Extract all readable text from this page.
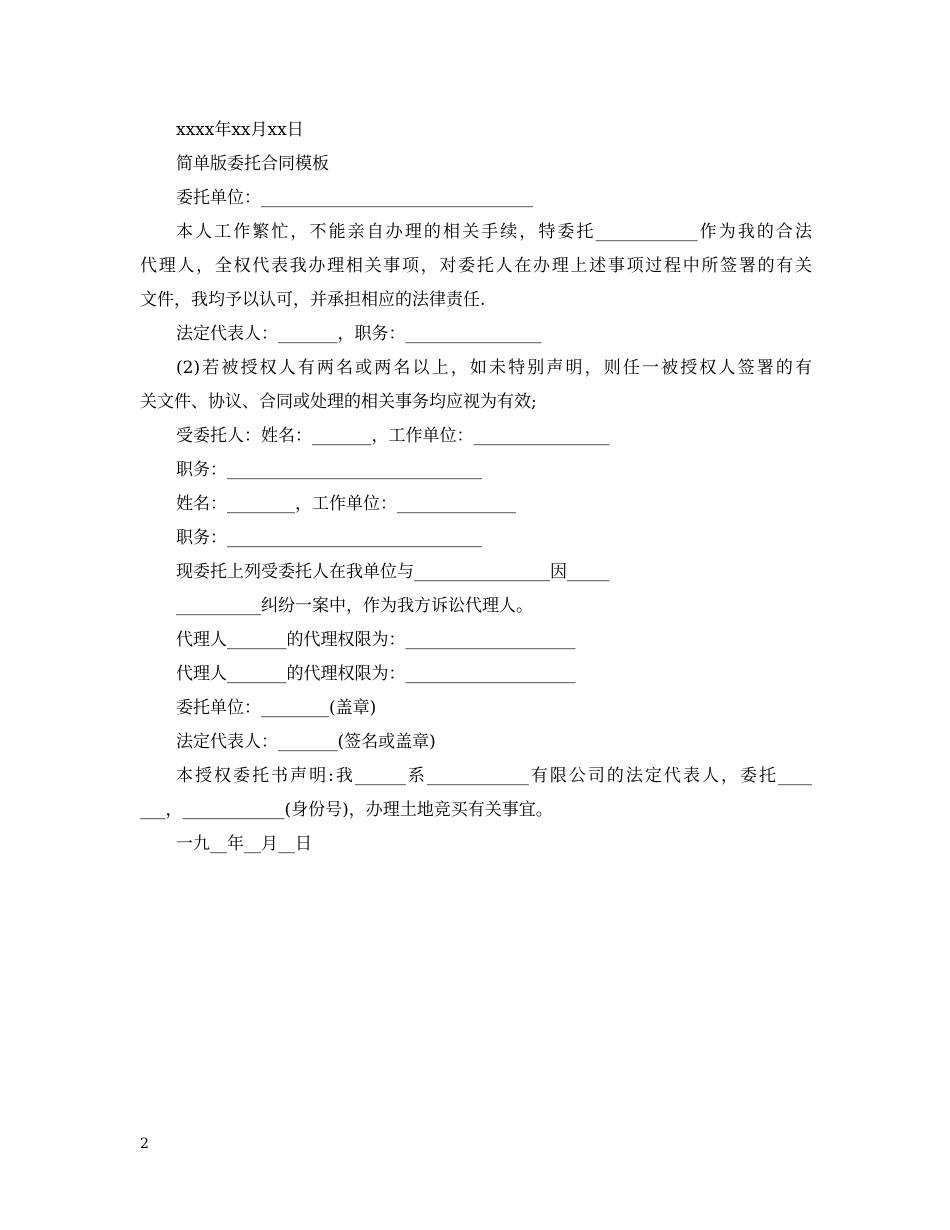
xxxx年xx月xx日
简单版委托合同模板
委托单位：________________________________
本人工作繁忙，不能亲自办理的相关手续，特委托____________作为我的合法
代理人，全权代表我办理相关事项，对委托人在办理上述事项过程中所签署的有关
文件，我均予以认可，并承担相应的法律责任.
法定代表人：_______，职务：________________
(2)若被授权人有两名或两名以上，如未特别声明，则任一被授权人签署的有
关文件、协议、合同或处理的相关事务均应视为有效;
受委托人：姓名：_______，工作单位：________________
职务：______________________________
姓名：________，工作单位：______________
职务：______________________________
现委托上列受委托人在我单位与________________因_____
__________纠纷一案中，作为我方诉讼代理人。
代理人_______的代理权限为：____________________
代理人_______的代理权限为：____________________
委托单位：________(盖章)
法定代表人：_______(签名或盖章)
本授权委托书声明:我______系____________有限公司的法定代表人，委托____
___，____________(身份号)，办理土地竞买有关事宜。
一九__年__月__日
2
